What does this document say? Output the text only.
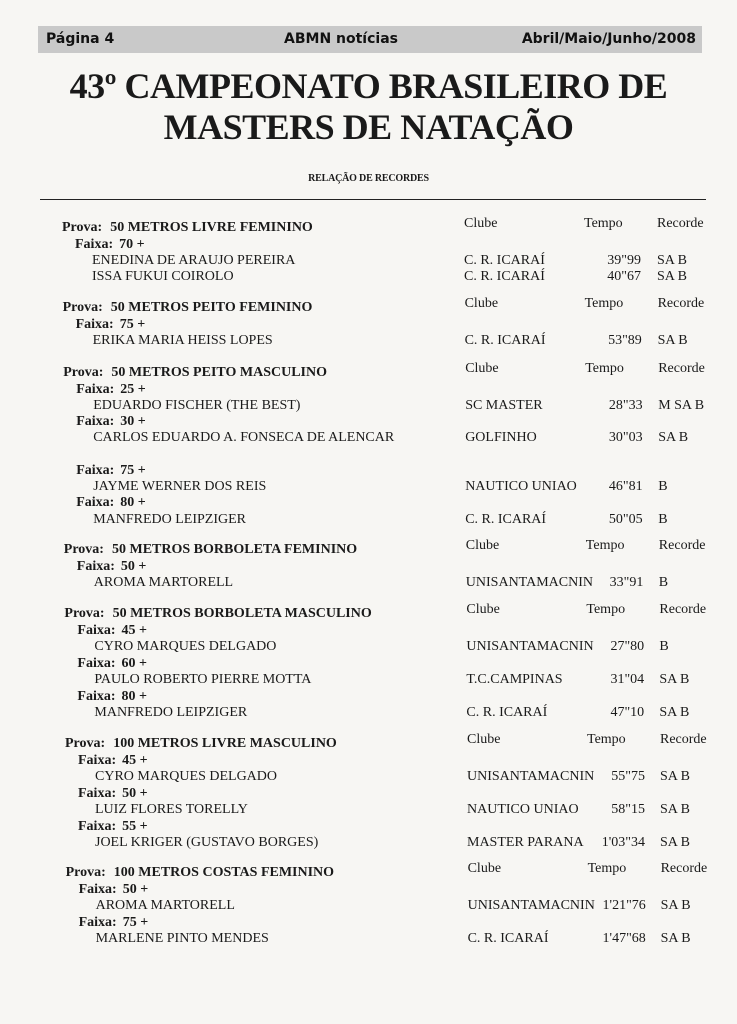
Página 4	ABMN notícias	Abril/Maio/Junho/2008
43º CAMPEONATO BRASILEIRO DE
MASTERS DE NATAÇÃO
RELAÇÃO DE RECORDES
Prova: 50 METROS LIVRE FEMININO	Clube	Tempo Recorde
Faixa: 70 +
ENEDINA DE ARAUJO PEREIRA	C. R. ICARAÍ	39"99 SA B
ISSA FUKUI COIROLO	C. R. ICARAÍ	40"67 SA B
Prova: 50 METROS PEITO FEMININO	Clube	Tempo Recorde
Faixa: 75 +
ERIKA MARIA HEISS LOPES	C. R. ICARAÍ	53"89 SA B
Prova: 50 METROS PEITO MASCULINO	Clube	Tempo Recorde
Faixa: 25 +
EDUARDO FISCHER (THE BEST)	SC MASTER	28"33 M SA B
Faixa: 30 +
CARLOS EDUARDO A. FONSECA DE ALENCAR	GOLFINHO	30"03 SA B
Faixa: 75 +
JAYME WERNER DOS REIS	NAUTICO UNIAO	46"81 B
Faixa: 80 +
MANFREDO LEIPZIGER	C. R. ICARAÍ	50"05 B
Prova: 50 METROS BORBOLETA FEMININO	Clube	Tempo Recorde
Faixa: 50 +
AROMA MARTORELL	UNISANTAMACNIN	33"91 B
Prova: 50 METROS BORBOLETA MASCULINO	Clube	Tempo Recorde
Faixa: 45 +
CYRO MARQUES DELGADO	UNISANTAMACNIN	27"80 B
Faixa: 60 +
PAULO ROBERTO PIERRE MOTTA	T.C.CAMPINAS	31"04 SA B
Faixa: 80 +
MANFREDO LEIPZIGER	C. R. ICARAÍ	47"10 SA B
Prova: 100 METROS LIVRE MASCULINO	Clube	Tempo Recorde
Faixa: 45 +
CYRO MARQUES DELGADO	UNISANTAMACNIN	55"75 SA B
Faixa: 50 +
LUIZ FLORES TORELLY	NAUTICO UNIAO	58"15 SA B
Faixa: 55 +
JOEL KRIGER (GUSTAVO BORGES)	MASTER PARANA	1'03"34 SA B
Prova: 100 METROS COSTAS FEMININO	Clube	Tempo Recorde
Faixa: 50 +
AROMA MARTORELL	UNISANTAMACNIN 1'21"76 SA B
Faixa: 75 +
MARLENE PINTO MENDES	C. R. ICARAÍ	1'47"68 SA B
